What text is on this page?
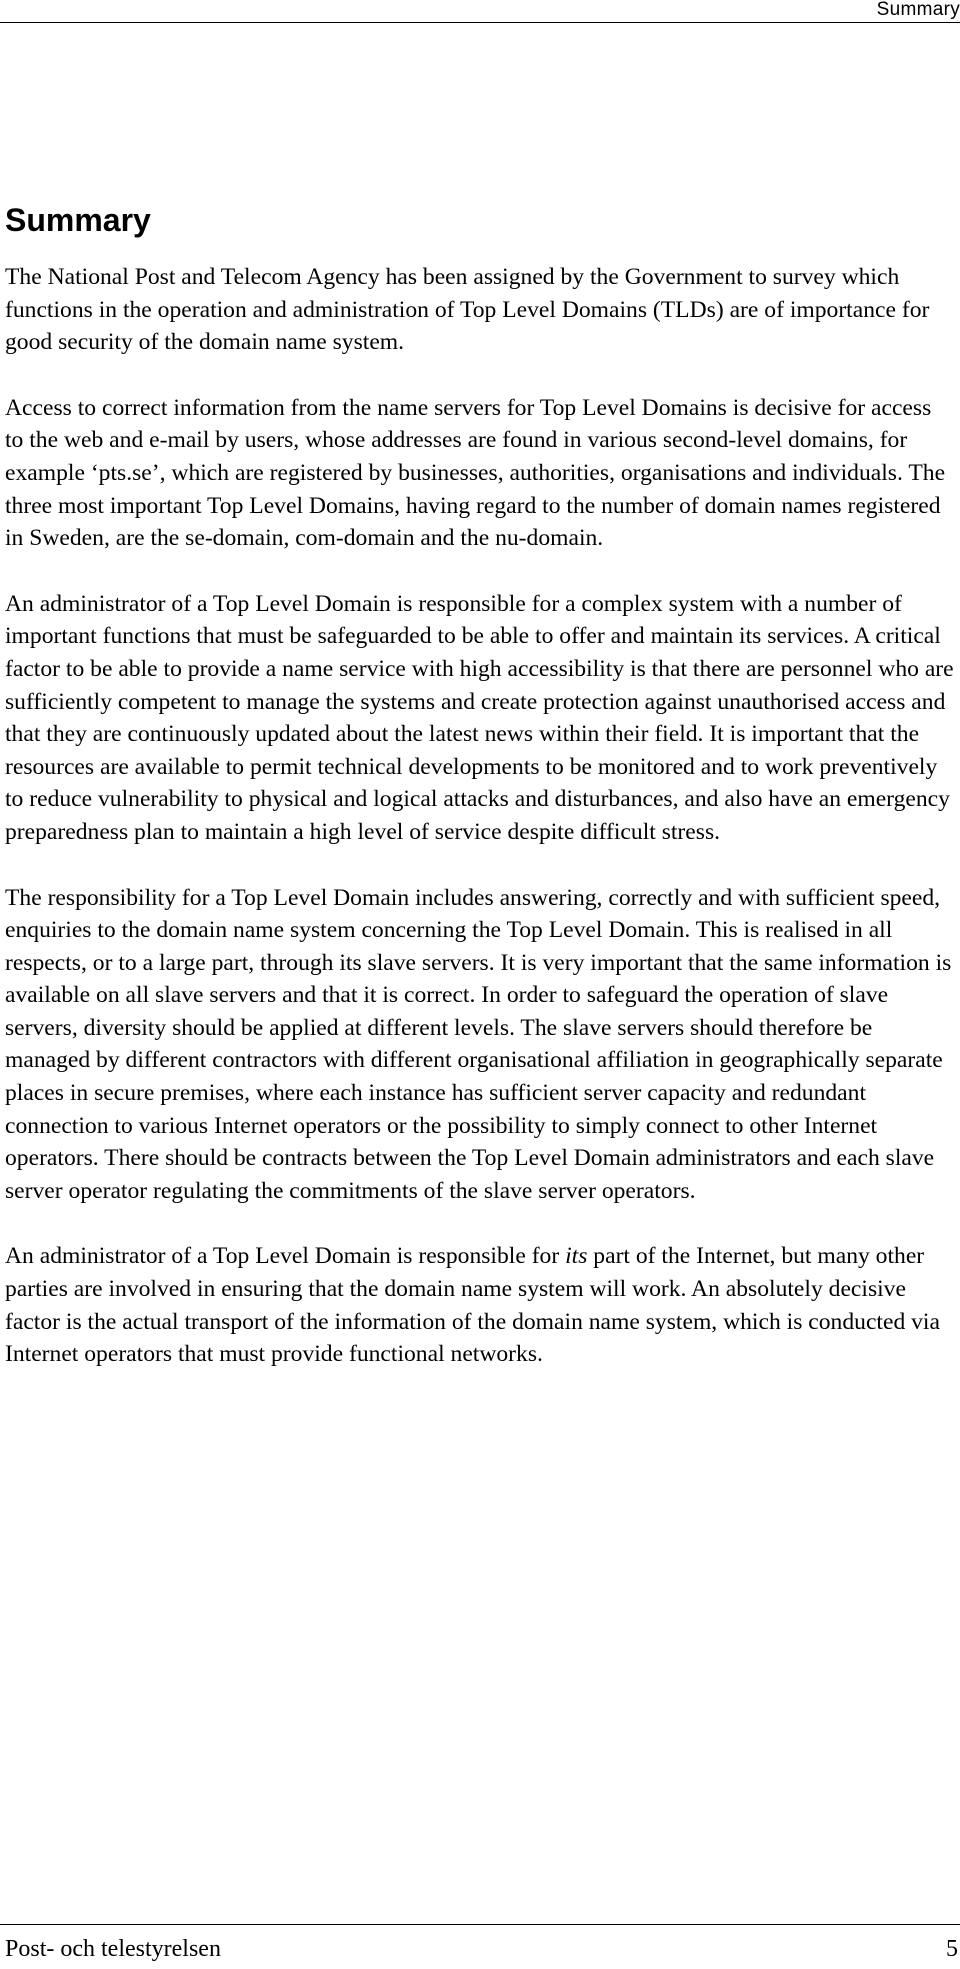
Summary
Summary

The National Post and Telecom Agency has been assigned by the Government to survey which functions in the operation and administration of Top Level Domains (TLDs) are of importance for good security of the domain name system.

Access to correct information from the name servers for Top Level Domains is decisive for access to the web and e-mail by users, whose addresses are found in various second-level domains, for example ‘pts.se’, which are registered by businesses, authorities, organisations and individuals. The three most important Top Level Domains, having regard to the number of domain names registered in Sweden, are the se-domain, com-domain and the nu-domain.

An administrator of a Top Level Domain is responsible for a complex system with a number of important functions that must be safeguarded to be able to offer and maintain its services. A critical factor to be able to provide a name service with high accessibility is that there are personnel who are sufficiently competent to manage the systems and create protection against unauthorised access and that they are continuously updated about the latest news within their field. It is important that the resources are available to permit technical developments to be monitored and to work preventively to reduce vulnerability to physical and logical attacks and disturbances, and also have an emergency preparedness plan to maintain a high level of service despite difficult stress.

The responsibility for a Top Level Domain includes answering, correctly and with sufficient speed, enquiries to the domain name system concerning the Top Level Domain. This is realised in all respects, or to a large part, through its slave servers. It is very important that the same information is available on all slave servers and that it is correct. In order to safeguard the operation of slave servers, diversity should be applied at different levels. The slave servers should therefore be managed by different contractors with different organisational affiliation in geographically separate places in secure premises, where each instance has sufficient server capacity and redundant connection to various Internet operators or the possibility to simply connect to other Internet operators. There should be contracts between the Top Level Domain administrators and each slave server operator regulating the commitments of the slave server operators.

An administrator of a Top Level Domain is responsible for its part of the Internet, but many other parties are involved in ensuring that the domain name system will work. An absolutely decisive factor is the actual transport of the information of the domain name system, which is conducted via Internet operators that must provide functional networks.

Post- och telestyrelsen	5
